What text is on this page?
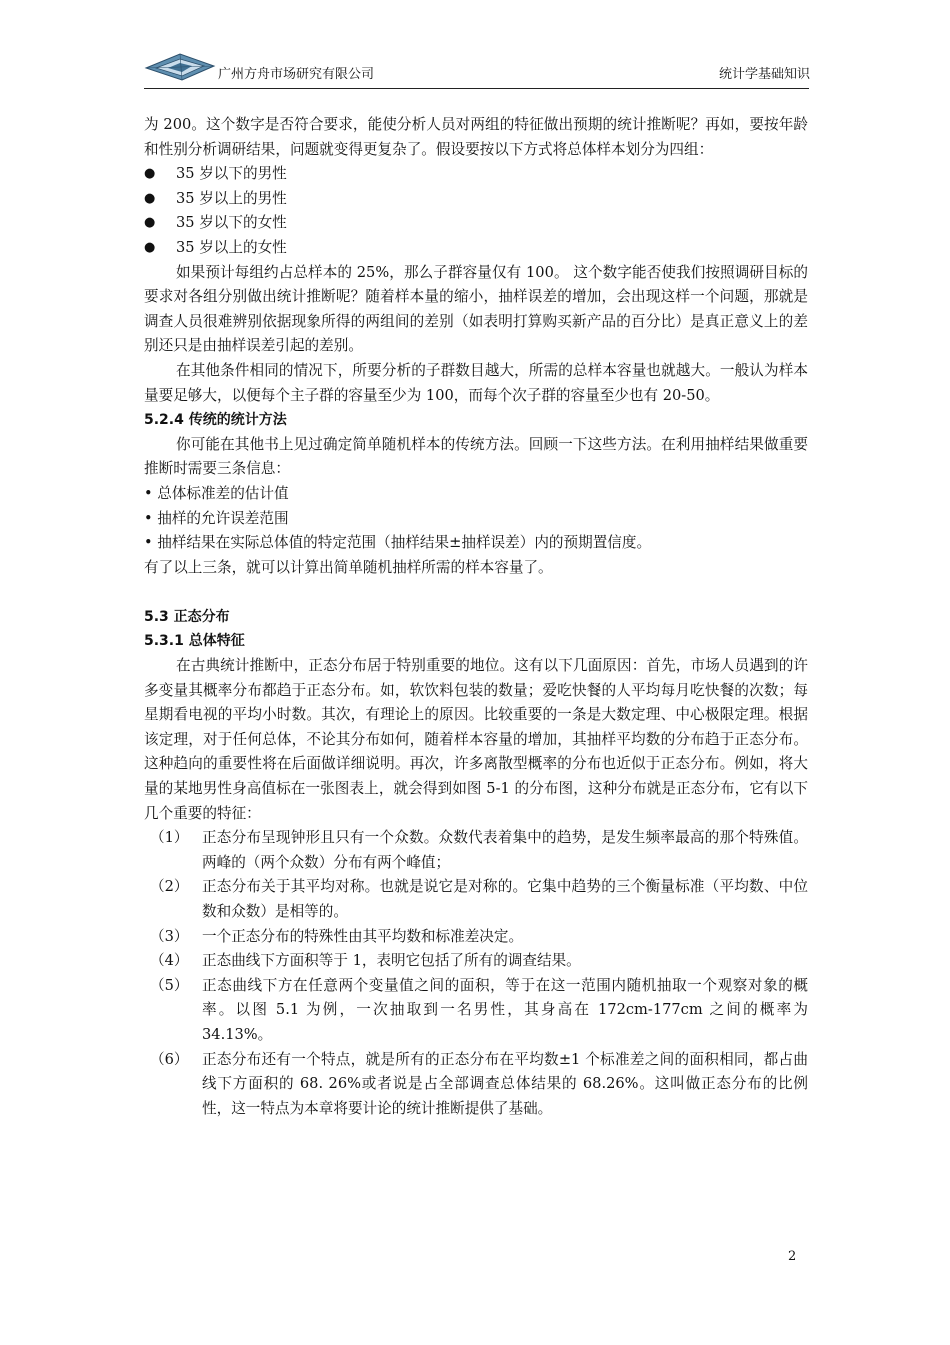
广州方舟市场研究有限公司	统计学基础知识

为 200。这个数字是否符合要求，能使分析人员对两组的特征做出预期的统计推断呢？再如，要按年龄和性别分析调研结果，问题就变得更复杂了。假设要按以下方式将总体样本划分为四组：

●	35 岁以下的男性
●	35 岁以上的男性
●	35 岁以下的女性
●	35 岁以上的女性

如果预计每组约占总样本的 25%，那么子群容量仅有 100。 这个数字能否使我们按照调研目标的要求对各组分别做出统计推断呢？随着样本量的缩小，抽样误差的增加，会出现这样一个问题，那就是调查人员很难辨别依据现象所得的两组间的差别（如表明打算购买新产品的百分比）是真正意义上的差别还只是由抽样误差引起的差别。

在其他条件相同的情况下，所要分析的子群数目越大，所需的总样本容量也就越大。一般认为样本量要足够大，以便每个主子群的容量至少为 100，而每个次子群的容量至少也有 20-50。

5.2.4 传统的统计方法

你可能在其他书上见过确定简单随机样本的传统方法。回顾一下这些方法。在利用抽样结果做重要推断时需要三条信息：

• 总体标准差的估计值

• 抽样的允许误差范围

• 抽样结果在实际总体值的特定范围（抽样结果±抽样误差）内的预期置信度。

有了以上三条，就可以计算出简单随机抽样所需的样本容量了。

5.3 正态分布

5.3.1 总体特征

在古典统计推断中，正态分布居于特别重要的地位。这有以下几面原因：首先，市场人员遇到的许多变量其概率分布都趋于正态分布。如，软饮料包装的数量；爱吃快餐的人平均每月吃快餐的次数；每星期看电视的平均小时数。其次，有理论上的原因。比较重要的一条是大数定理、中心极限定理。根据该定理，对于任何总体，不论其分布如何，随着样本容量的增加，其抽样平均数的分布趋于正态分布。这种趋向的重要性将在后面做详细说明。再次，许多离散型概率的分布也近似于正态分布。例如，将大量的某地男性身高值标在一张图表上，就会得到如图 5-1 的分布图，这种分布就是正态分布，它有以下几个重要的特征：

（1） 正态分布呈现钟形且只有一个众数。众数代表着集中的趋势，是发生频率最高的那个特殊值。两峰的（两个众数）分布有两个峰值；
（2） 正态分布关于其平均对称。也就是说它是对称的。它集中趋势的三个衡量标准（平均数、中位数和众数）是相等的。
（3） 一个正态分布的特殊性由其平均数和标准差决定。
（4） 正态曲线下方面积等于 1，表明它包括了所有的调查结果。
（5） 正态曲线下方在任意两个变量值之间的面积，等于在这一范围内随机抽取一个观察对象的概率。以图 5.1 为例，一次抽取到一名男性，其身高在 172cm-177cm 之间的概率为 34.13%。
（6） 正态分布还有一个特点，就是所有的正态分布在平均数±1 个标准差之间的面积相同，都占曲线下方面积的 68. 26%或者说是占全部调查总体结果的 68.26%。这叫做正态分布的比例性，这一特点为本章将要计论的统计推断提供了基础。
2
